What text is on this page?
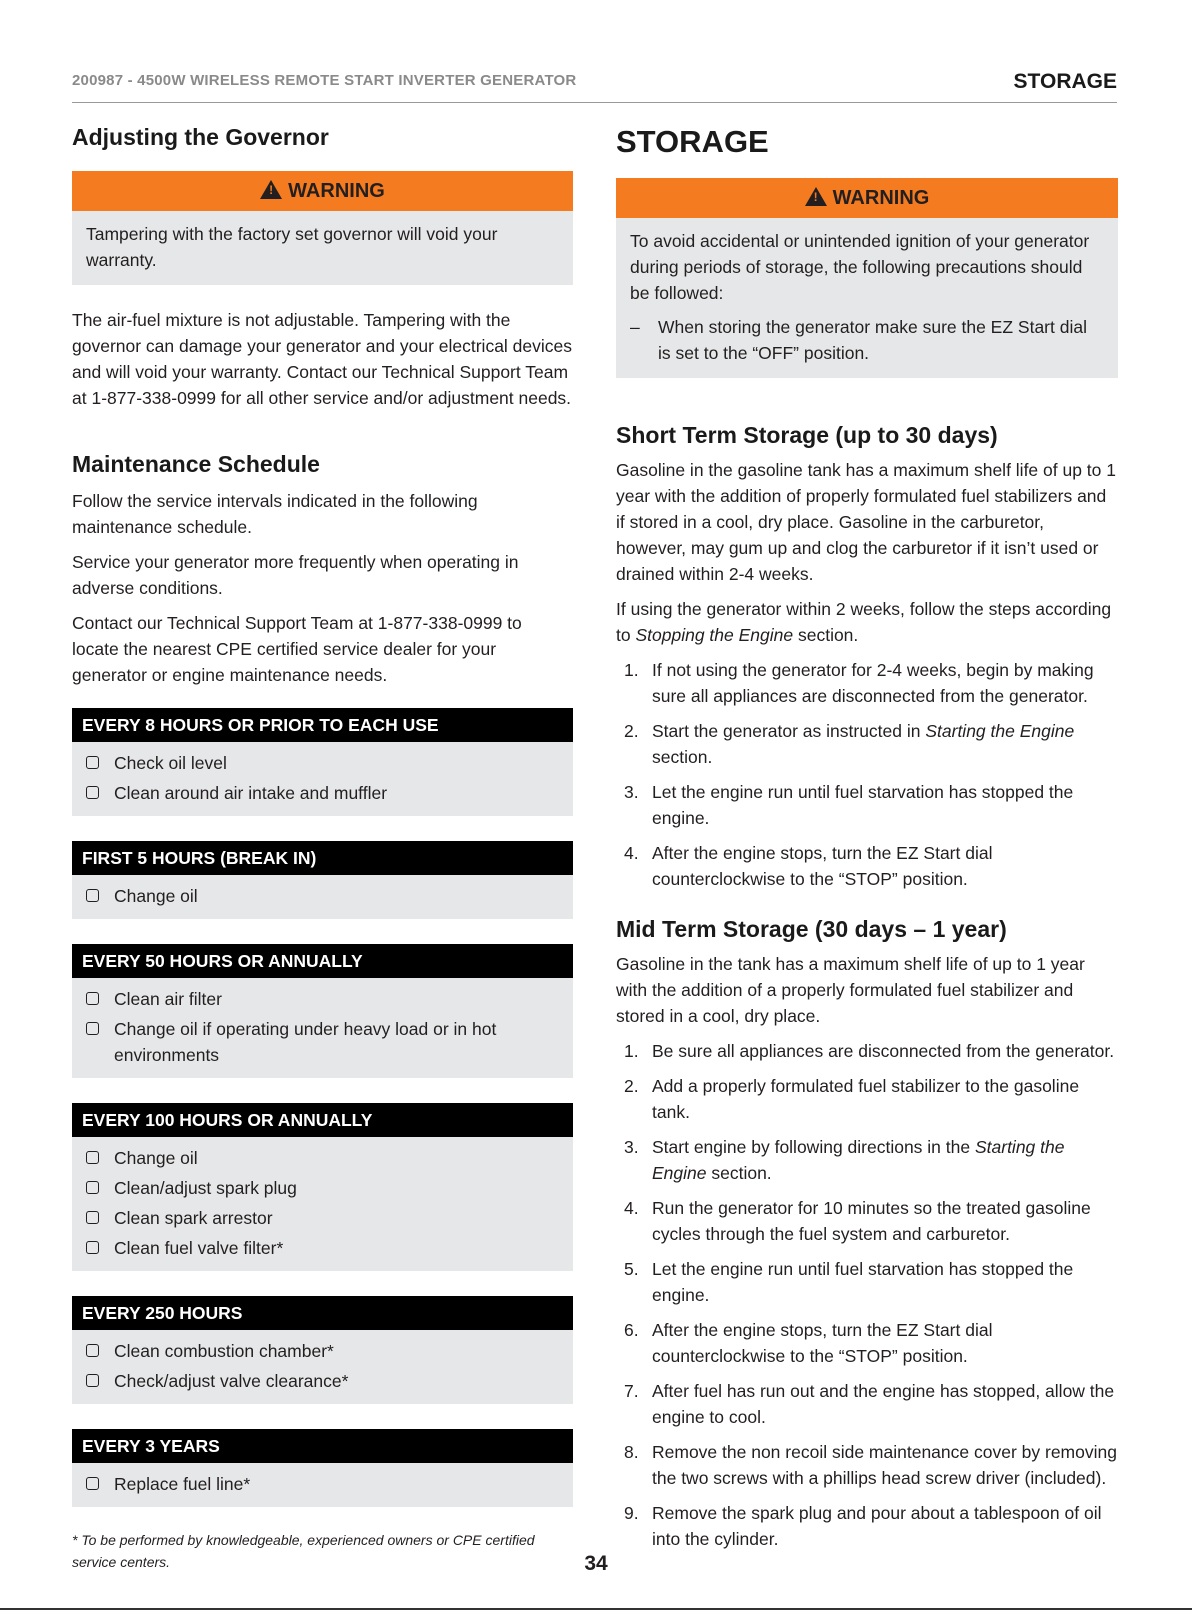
200987 - 4500W WIRELESS REMOTE START INVERTER GENERATOR	STORAGE
Adjusting the Governor
! WARNING
Tampering with the factory set governor will void your warranty.

The air-fuel mixture is not adjustable. Tampering with the governor can damage your generator and your electrical devices and will void your warranty. Contact our Technical Support Team at 1-877-338-0999 for all other service and/or adjustment needs.

Maintenance Schedule

Follow the service intervals indicated in the following maintenance schedule.

Service your generator more frequently when operating in adverse conditions.

Contact our Technical Support Team at 1-877-338-0999 to locate the nearest CPE certified service dealer for your generator or engine maintenance needs.

EVERY 8 HOURS OR PRIOR TO EACH USE
Check oil level
Clean around air intake and muffler
FIRST 5 HOURS (BREAK IN)
Change oil
EVERY 50 HOURS OR ANNUALLY
Clean air filter
Change oil if operating under heavy load or in hot environments
EVERY 100 HOURS OR ANNUALLY
Change oil
Clean/adjust spark plug
Clean spark arrestor
Clean fuel valve filter*
EVERY 250 HOURS
Clean combustion chamber*
Check/adjust valve clearance*
EVERY 3 YEARS
Replace fuel line*
* To be performed by knowledgeable, experienced owners or CPE certified service centers.
STORAGE
! WARNING
To avoid accidental or unintended ignition of your generator during periods of storage, the following precautions should be followed:
– When storing the generator make sure the EZ Start dial is set to the “OFF” position.
Short Term Storage (up to 30 days)

Gasoline in the gasoline tank has a maximum shelf life of up to 1 year with the addition of properly formulated fuel stabilizers and if stored in a cool, dry place. Gasoline in the carburetor, however, may gum up and clog the carburetor if it isn’t used or drained within 2-4 weeks.

If using the generator within 2 weeks, follow the steps according to Stopping the Engine section.

1. If not using the generator for 2-4 weeks, begin by making sure all appliances are disconnected from the generator.
2. Start the generator as instructed in Starting the Engine section.
3. Let the engine run until fuel starvation has stopped the engine.
4. After the engine stops, turn the EZ Start dial counterclockwise to the “STOP” position.
Mid Term Storage (30 days – 1 year)

Gasoline in the tank has a maximum shelf life of up to 1 year with the addition of a properly formulated fuel stabilizer and stored in a cool, dry place.

1. Be sure all appliances are disconnected from the generator.
2. Add a properly formulated fuel stabilizer to the gasoline tank.
3. Start engine by following directions in the Starting the Engine section.
4. Run the generator for 10 minutes so the treated gasoline cycles through the fuel system and carburetor.
5. Let the engine run until fuel starvation has stopped the engine.
6. After the engine stops, turn the EZ Start dial counterclockwise to the “STOP” position.
7. After fuel has run out and the engine has stopped, allow the engine to cool.
8. Remove the non recoil side maintenance cover by removing the two screws with a phillips head screw driver (included).
9. Remove the spark plug and pour about a tablespoon of oil into the cylinder.
34
